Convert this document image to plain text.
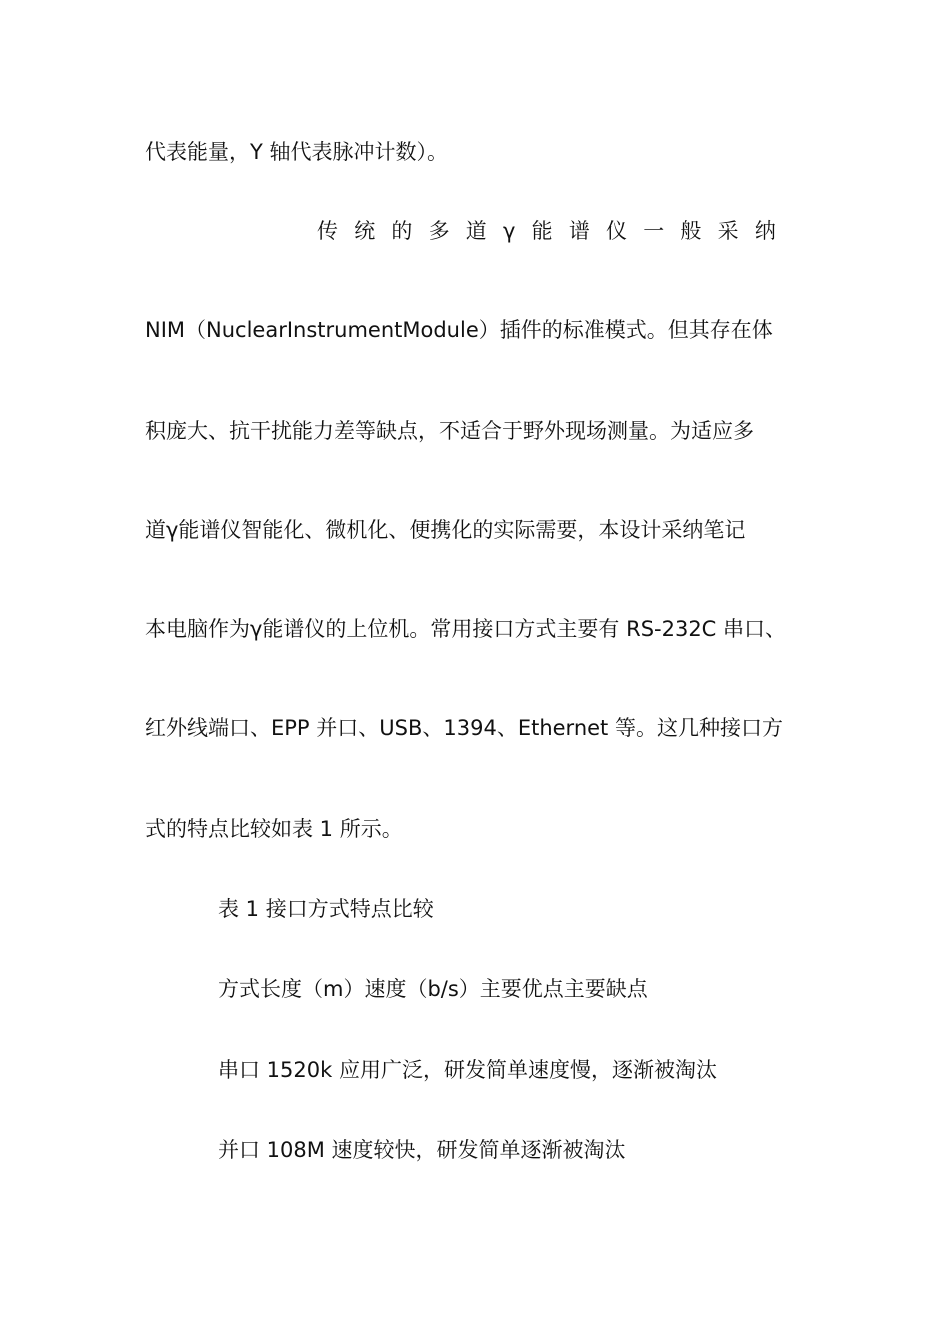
代表能量，Y 轴代表脉冲计数）。
传统的多道γ能谱仪一般采纳
NIM（NuclearInstrumentModule）插件的标准模式。但其存在体
积庞大、抗干扰能力差等缺点，不适合于野外现场测量。为适应多
道γ能谱仪智能化、微机化、便携化的实际需要，本设计采纳笔记
本电脑作为γ能谱仪的上位机。常用接口方式主要有 RS-232C 串口、
红外线端口、EPP 并口、USB、1394、Ethernet 等。这几种接口方
式的特点比较如表 1 所示。
表 1 接口方式特点比较
方式长度（m）速度（b/s）主要优点主要缺点
串口 1520k 应用广泛，研发简单速度慢，逐渐被淘汰
并口 108M 速度较快，研发简单逐渐被淘汰
